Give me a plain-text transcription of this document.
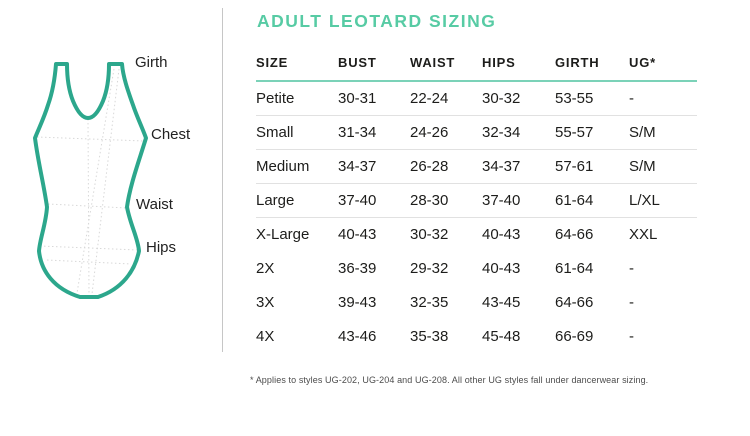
Girth
Chest
Waist
Hips
ADULT LEOTARD SIZING
SIZE	BUST	WAIST	HIPS	GIRTH	UG*
Petite	30-31	22-24	30-32	53-55	-
Small	31-34	24-26	32-34	55-57	S/M
Medium	34-37	26-28	34-37	57-61	S/M
Large	37-40	28-30	37-40	61-64	L/XL
X-Large	40-43	30-32	40-43	64-66	XXL
2X	36-39	29-32	40-43	61-64	-
3X	39-43	32-35	43-45	64-66	-
4X	43-46	35-38	45-48	66-69	-
* Applies to styles UG-202, UG-204 and UG-208. All other UG styles fall under dancerwear sizing.
